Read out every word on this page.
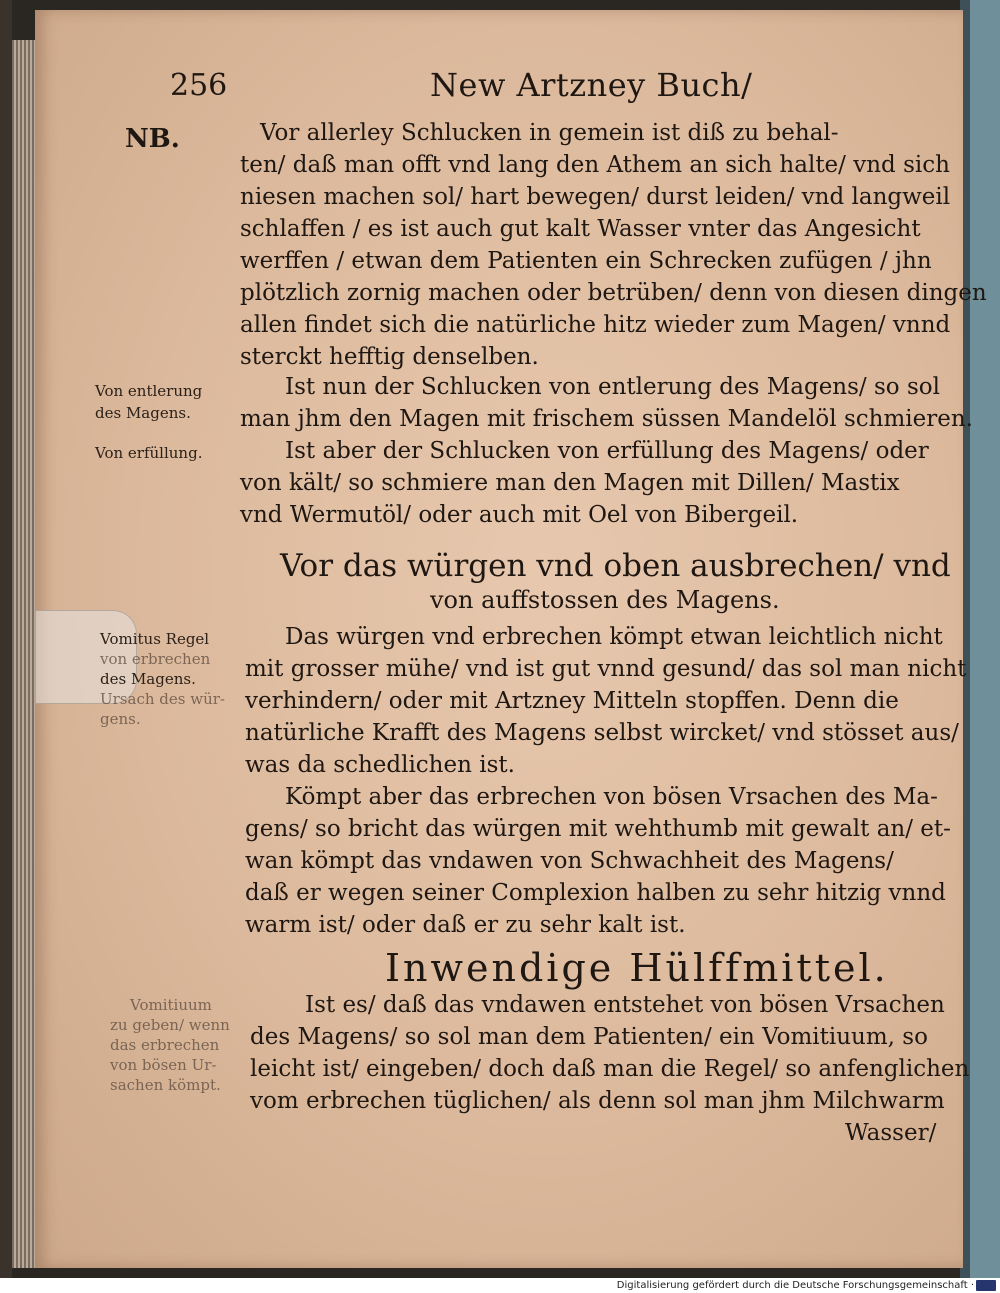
256	New Artzney Buch/
NB.	Vor allerley Schlucken in gemein ist diß zu behal-
ten/ daß man offt vnd lang den Athem an sich halte/ vnd sich
niesen machen sol/ hart bewegen/ durst leiden/ vnd langweil
schlaffen / es ist auch gut kalt Wasser vnter das Angesicht
werffen / etwan dem Patienten ein Schrecken zufügen / jhn
plötzlich zornig machen oder betrüben/ denn von diesen dingen
allen findet sich die natürliche hitz wieder zum Magen/ vnnd
sterckt hefftig denselben.
Von entlerung
des Magens.
Ist nun der Schlucken von entlerung des Magens/ so sol
man jhm den Magen mit frischem süssen Mandelöl schmieren.
Von erfüllung.	Ist aber der Schlucken von erfüllung des Magens/ oder
von kält/ so schmiere man den Magen mit Dillen/ Mastix
vnd Wermutöl/ oder auch mit Oel von Bibergeil.
Vor das würgen vnd oben ausbrechen/ vnd
von auffstossen des Magens.
Vomitus Regel
von erbrechen
des Magens.
Ursach des wür-
gens.
Das würgen vnd erbrechen kömpt etwan leichtlich nicht
mit grosser mühe/ vnd ist gut vnnd gesund/ das sol man nicht
verhindern/ oder mit Artzney Mitteln stopffen. Denn die
natürliche Krafft des Magens selbst wircket/ vnd stösset aus/
was da schedlichen ist.
Kömpt aber das erbrechen von bösen Vrsachen des Ma-
gens/ so bricht das würgen mit wehthumb mit gewalt an/ et-
wan kömpt das vndawen von Schwachheit des Magens/
daß er wegen seiner Complexion halben zu sehr hitzig vnnd
warm ist/ oder daß er zu sehr kalt ist.
Inwendige Hülffmittel.
Vomitiuum
zu geben/ wenn
das erbrechen
von bösen Ur-
sachen kömpt.
Ist es/ daß das vndawen entstehet von bösen Vrsachen
des Magens/ so sol man dem Patienten/ ein Vomitiuum, so
leicht ist/ eingeben/ doch daß man die Regel/ so anfenglichen
vom erbrechen tüglichen/ als denn sol man jhm Milchwarm
Wasser/
Digitalisierung gefördert durch die Deutsche Forschungsgemeinschaft ·
